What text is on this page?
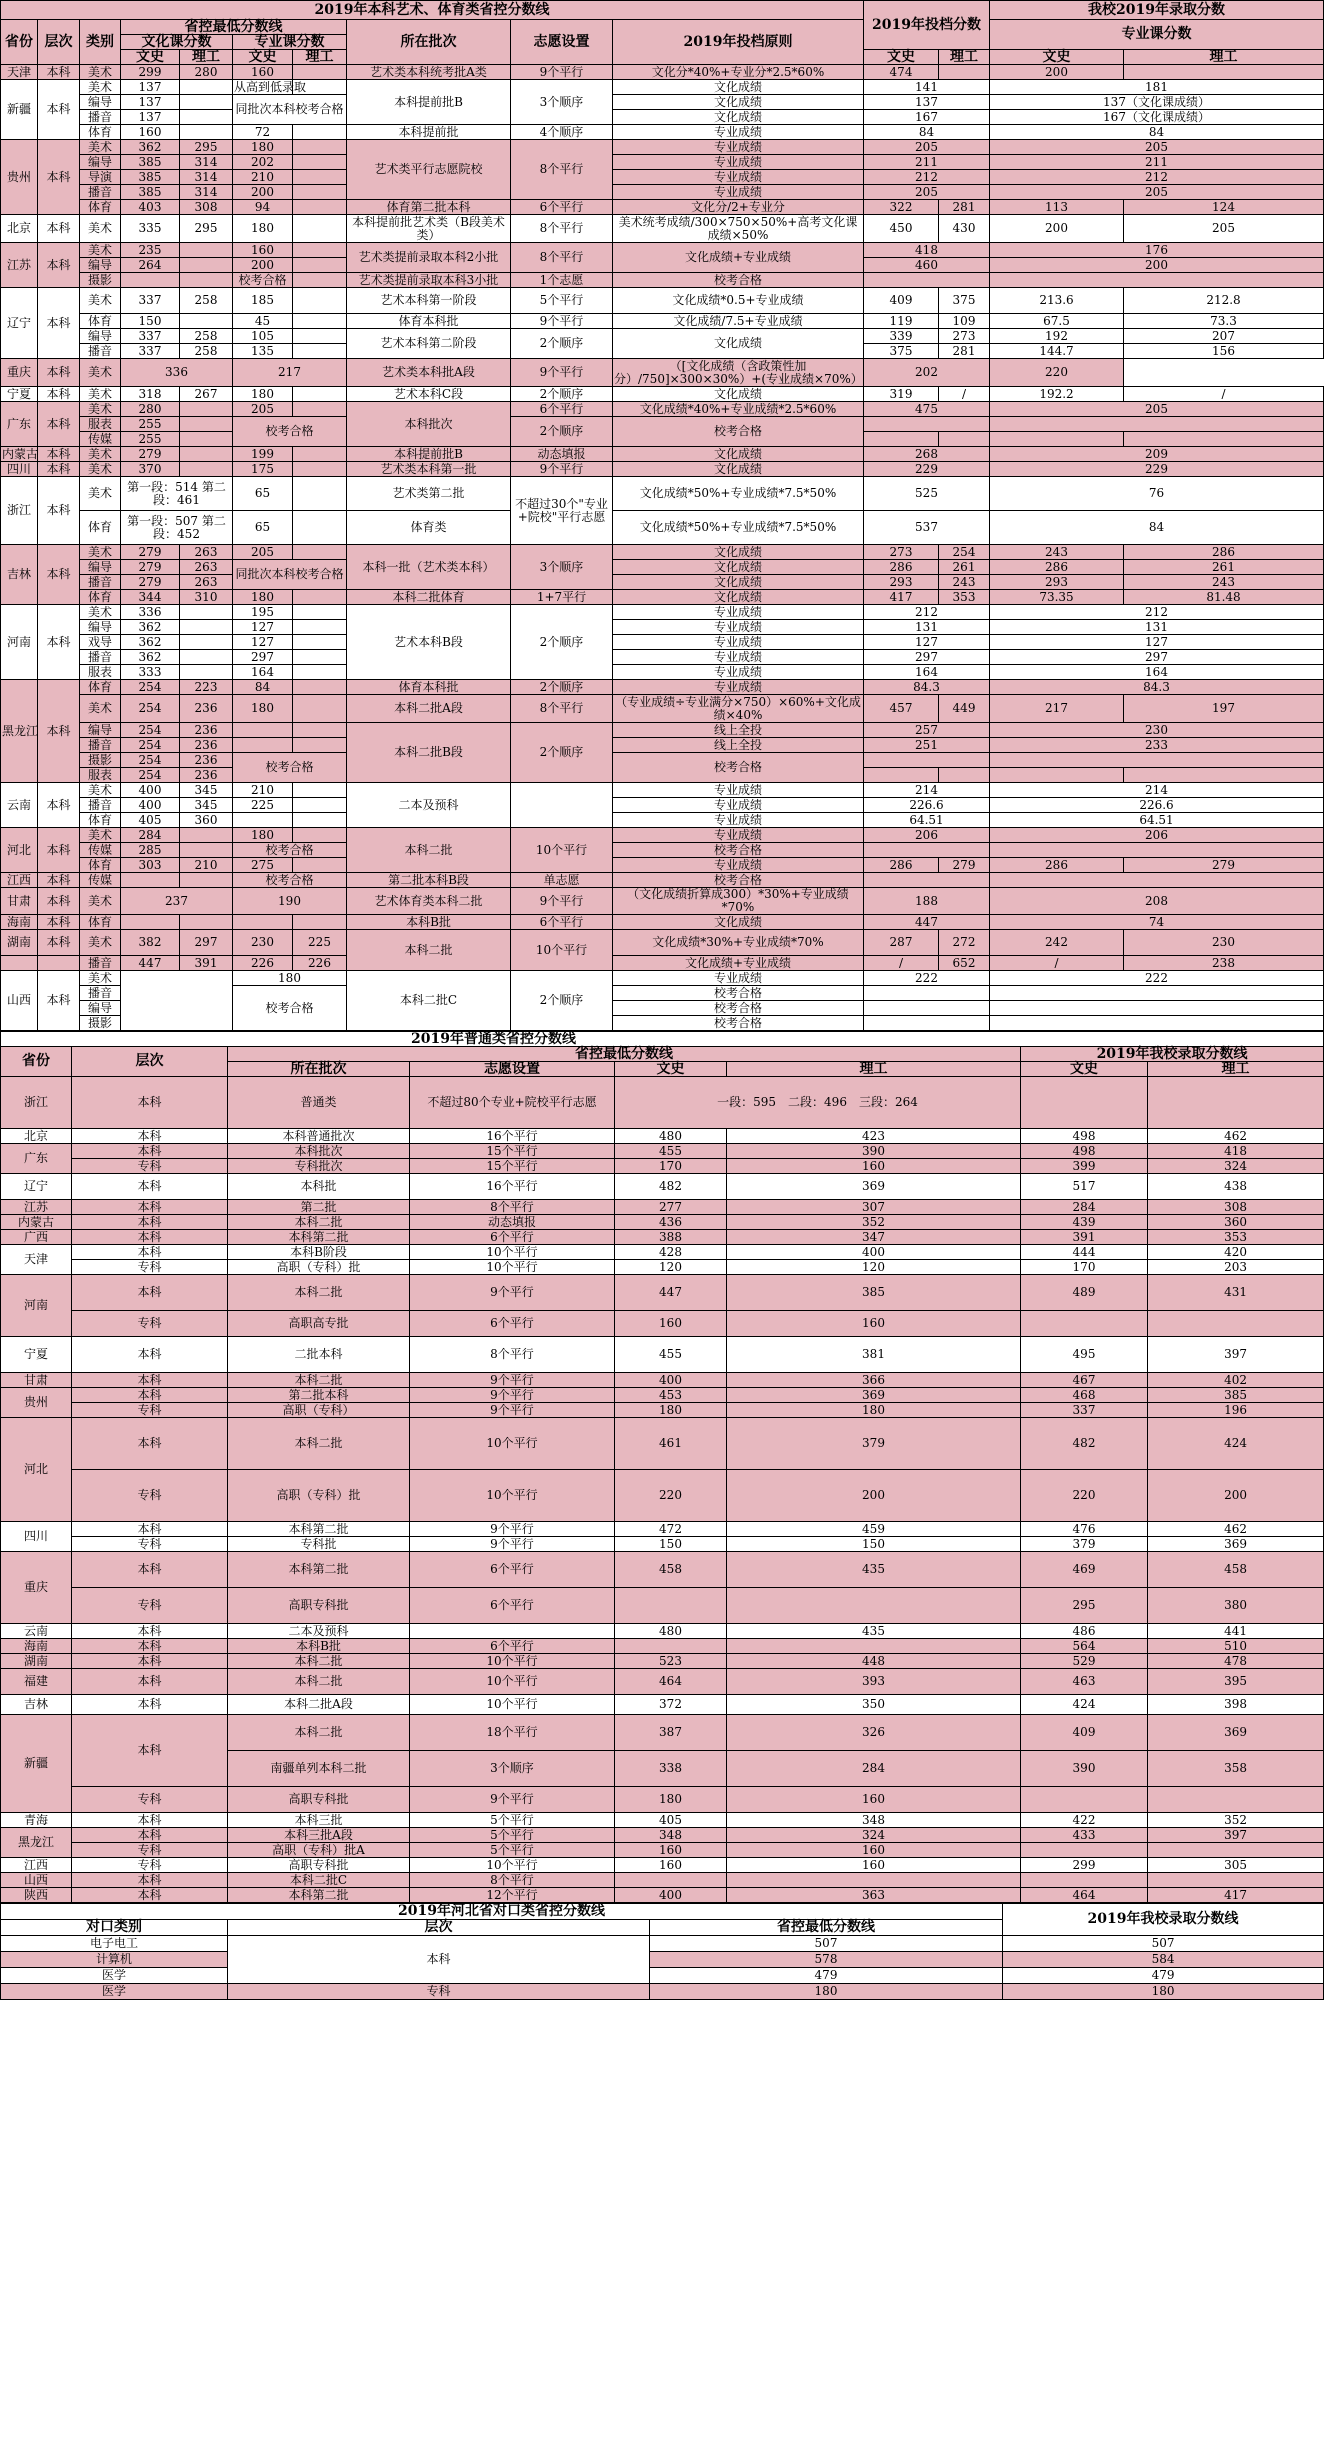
2019年本科艺术、体育类省控分数线										2019年投档分数		我校2019年录取分数	
省份	层次	类别	省控最低分数线				所在批次	志愿设置	2019年投档原则			专业课分数	
			文化课分数		专业课分数								
			文史	理工	文史	理工				文史	理工	文史	理工
天津	本科	美术	299	280	160		艺术类本科统考批A类	9个平行	文化分*40%+专业分*2.5*60%	474		200	
新疆	本科	美术	137		从高到低录取		本科提前批B	3个顺序	文化成绩	141		181	
		编导	137		同批次本科校考合格				文化成绩	137		137（文化课成绩）	
		播音	137						文化成绩	167		167（文化课成绩）	
		体育	160		72		本科提前批	4个顺序	专业成绩	84		84	
贵州	本科	美术	362	295	180		艺术类平行志愿院校	8个平行	专业成绩	205		205	
		编导	385	314	202				专业成绩	211		211	
		导演	385	314	210				专业成绩	212		212	
		播音	385	314	200				专业成绩	205		205	
		体育	403	308	94		体育第二批本科	6个平行	文化分/2+专业分	322	281	113	124
北京	本科	美术	335	295	180		本科提前批艺术类（B段美术类）	8个平行	美术统考成绩/300×750×50%+高考文化课成绩×50%	450	430	200	205
江苏	本科	美术	235		160		艺术类提前录取本科2小批	8个平行	文化成绩+专业成绩	418		176	
		编导	264		200					460		200	
		摄影			校考合格		艺术类提前录取本科3小批	1个志愿	校考合格				
辽宁	本科	美术	337	258	185		艺术本科第一阶段	5个平行	文化成绩*0.5+专业成绩	409	375	213.6	212.8
		体育	150		45		体育本科批	9个平行	文化成绩/7.5+专业成绩	119	109	67.5	73.3
		编导	337	258	105		艺术本科第二阶段	2个顺序	文化成绩	339	273	192	207
		播音	337	258	135					375	281	144.7	156
重庆	本科	美术	336		217		艺术类本科批A段	9个平行	（[文化成绩（含政策性加分）/750]×300×30%）+(专业成绩×70%）	202		220	
宁夏	本科	美术	318	267	180		艺术本科C段	2个顺序	文化成绩	319	/	192.2	/
广东	本科	美术	280		205		本科批次	6个平行	文化成绩*40%+专业成绩*2.5*60%	475		205	
		服表	255		校考合格			2个顺序	校考合格				
		传媒	255										
内蒙古	本科	美术	279		199		本科提前批B	动态填报	文化成绩	268		209	
四川	本科	美术	370		175		艺术类本科第一批	9个平行	文化成绩	229		229	
浙江	本科	美术	第一段：514 第二段：461		65		艺术类第二批	不超过30个"专业+院校"平行志愿	文化成绩*50%+专业成绩*7.5*50%	525		76	
		体育	第一段：507 第二段：452		65		体育类		文化成绩*50%+专业成绩*7.5*50%	537		84	
吉林	本科	美术	279	263	205		本科一批（艺术类本科）	3个顺序	文化成绩	273	254	243	286
		编导	279	263	同批次本科校考合格				文化成绩	286	261	286	261
		播音	279	263					文化成绩	293	243	293	243
		体育	344	310	180		本科二批体育	1+7平行	文化成绩	417	353	73.35	81.48
河南	本科	美术	336		195		艺术本科B段	2个顺序	专业成绩	212		212	
		编导	362		127				专业成绩	131		131	
		戏导	362		127				专业成绩	127		127	
		播音	362		297				专业成绩	297		297	
		服表	333		164				专业成绩	164		164	
黑龙江	本科	体育	254	223	84		体育本科批	2个顺序	专业成绩	84.3		84.3	
		美术	254	236	180		本科二批A段	8个平行	（专业成绩÷专业满分×750）×60%+文化成绩×40%	457	449	217	197
		编导	254	236			本科二批B段	2个顺序	线上全投	257		230	
		播音	254	236					线上全投	251		233	
		摄影	254	236	校考合格				校考合格				
		服表	254	236									
云南	本科	美术	400	345	210		二本及预科		专业成绩	214		214	
		播音	400	345	225				专业成绩	226.6		226.6	
		体育	405	360					专业成绩	64.51		64.51	
河北	本科	美术	284		180		本科二批	10个平行	专业成绩	206		206	
		传媒	285		校考合格				校考合格				
		体育	303	210	275				专业成绩	286	279	286	279
江西	本科	传媒			校考合格		第二批本科B段	单志愿	校考合格				
甘肃	本科	美术	237		190		艺术体育类本科二批	9个平行	（文化成绩折算成300）*30%+专业成绩*70%	188		208	
海南	本科	体育					本科B批	6个平行	文化成绩	447		74	
湖南	本科	美术	382	297	230	225	本科二批	10个平行	文化成绩*30%+专业成绩*70%	287	272	242	230
		播音	447	391	226	226			文化成绩+专业成绩	/	652	/	238
山西	本科	美术			180		本科二批C	2个顺序	专业成绩	222		222	
		播音			校考合格				校考合格				
		编导							校考合格				
		摄影							校考合格				
2019年普通类省控分数线							
省份	层次	省控最低分数线				2019年我校录取分数线	
		所在批次	志愿设置	文史	理工	文史	理工
浙江	本科	普通类	不超过80个专业+院校平行志愿	一段：595　二段：496　三段：264			
北京	本科	本科普通批次	16个平行	480	423	498	462
广东	本科	本科批次	15个平行	455	390	498	418
	专科	专科批次	15个平行	170	160	399	324
辽宁	本科	本科批	16个平行	482	369	517	438
江苏	本科	第二批	8个平行	277	307	284	308
内蒙古	本科	本科二批	动态填报	436	352	439	360
广西	本科	本科第二批	6个平行	388	347	391	353
天津	本科	本科B阶段	10个平行	428	400	444	420
	专科	高职（专科）批	10个平行	120	120	170	203
河南	本科	本科二批	9个平行	447	385	489	431
	专科	高职高专批	6个平行	160	160		
宁夏	本科	二批本科	8个平行	455	381	495	397
甘肃	本科	本科二批	9个平行	400	366	467	402
贵州	本科	第二批本科	9个平行	453	369	468	385
	专科	高职（专科）	9个平行	180	180	337	196
河北	本科	本科二批	10个平行	461	379	482	424
	专科	高职（专科）批	10个平行	220	200	220	200
四川	本科	本科第二批	9个平行	472	459	476	462
	专科	专科批	9个平行	150	150	379	369
重庆	本科	本科第二批	6个平行	458	435	469	458
	专科	高职专科批	6个平行			295	380
云南	本科	二本及预科		480	435	486	441
海南	本科	本科B批	6个平行			564	510
湖南	本科	本科二批	10个平行	523	448	529	478
福建	本科	本科二批	10个平行	464	393	463	395
吉林	本科	本科二批A段	10个平行	372	350	424	398
新疆	本科	本科二批	18个平行	387	326	409	369
		南疆单列本科二批	3个顺序	338	284	390	358
	专科	高职专科批	9个平行	180	160		
青海	本科	本科三批	5个平行	405	348	422	352
黑龙江	本科	本科三批A段	5个平行	348	324	433	397
	专科	高职（专科）批A	5个平行	160	160		
江西	专科	高职专科批	10个平行	160	160	299	305
山西	本科	本科二批C	8个平行				
陕西	本科	本科第二批	12个平行	400	363	464	417
2019年河北省对口类省控分数线			2019年我校录取分数线
对口类别	层次	省控最低分数线	
电子电工	本科	507	507
计算机		578	584
医学		479	479
医学	专科	180	180
